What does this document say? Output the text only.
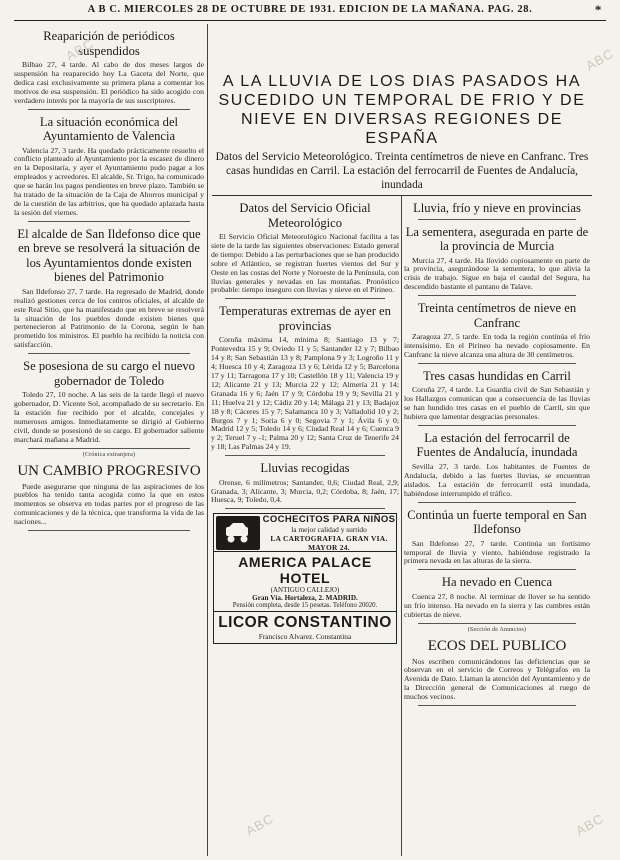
A B C. MIERCOLES 28 DE OCTUBRE DE 1931. EDICION DE LA MAÑANA. PAG. 28.	*
A LA LLUVIA DE LOS DIAS PASADOS HA SUCEDIDO UN TEMPORAL DE FRIO Y DE NIEVE EN DIVERSAS REGIONES DE ESPAÑA
Datos del Servicio Meteorológico. Treinta centímetros de nieve en Canfranc. Tres casas hundidas en Carril. La estación del ferrocarril de Fuentes de Andalucía, inundada
Reaparición de periódicos suspendidos
Bilbao 27, 4 tarde. Al cabo de dos meses largos de suspensión ha reaparecido hoy La Gaceta del Norte, que dedica casi exclusivamente su primera plana a comentar los motivos de esa suspensión. El periódico ha sido acogido con verdadero interés por la mayoría de sus suscriptores.
La situación económica del Ayuntamiento de Valencia
Valencia 27, 3 tarde. Ha quedado prácticamente resuelto el conflicto planteado al Ayuntamiento por la escasez de dinero en la Depositaría, y ayer el Ayuntamiento pudo pagar a los empleados y acreedores. El alcalde, Sr. Trigo, ha comunicado que se harán los pagos pendientes en breve plazo. También se ha tratado de la situación de la Caja de Ahorros municipal y de la cuestión de las arbitrios, que ha quedado aplazada hasta la sesión del viernes.
El alcalde de San Ildefonso dice que en breve se resolverá la situación de los Ayuntamientos donde existen bienes del Patrimonio
San Ildefonso 27, 7 tarde. Ha regresado de Madrid, donde realizó gestiones cerca de los centros oficiales, el alcalde de este Real Sitio, que ha manifestado que en breve se resolverá la situación de los pueblos donde existen bienes que pertenecieron al Patrimonio de la Corona, según le han prometido los ministros. El pueblo ha recibido la noticia con satisfacción.
Se posesiona de su cargo el nuevo gobernador de Toledo
Toledo 27, 10 noche. A las seis de la tarde llegó el nuevo gobernador, D. Vicente Sol, acompañado de su secretario. En la estación fue recibido por el alcalde, concejales y numerosos amigos. Inmediatamente se dirigió al Gobierno civil, donde se posesionó de su cargo. El gobernador saliente marchará mañana a Madrid.
(Crónica extranjera)
UN CAMBIO PROGRESIVO
Puede asegurarse que ninguna de las aspiraciones de los pueblos ha tenido tanta acogida como la que en estos momentos se observa en todas partes por el progreso de las comunicaciones y de la técnica, que transforma la vida de las naciones...
Datos del Servicio Oficial Meteorológico
El Servicio Oficial Meteorológico Nacional facilita a las siete de la tarde las siguientes observaciones: Estado general de tiempo: Debido a las perturbaciones que se han producido sobre el Atlántico, se registran fuertes vientos del Sur y Oeste en las costas del Norte y Noroeste de la Península, con lluvias generales y nevadas en las montañas. Pronóstico probable: tiempo inseguro con lluvias y nieve en el Pirineo.
Temperaturas extremas de ayer en provincias
Coruña máxima 14, mínima 8; Santiago 13 y 7; Pontevedra 15 y 9; Oviedo 11 y 5; Santander 12 y 7; Bilbao 14 y 8; San Sebastián 13 y 8; Pamplona 9 y 3; Logroño 11 y 4; Huesca 10 y 4; Zaragoza 13 y 6; Lérida 12 y 5; Barcelona 17 y 11; Tarragona 17 y 10; Castellón 18 y 11; Valencia 19 y 12; Alicante 21 y 13; Murcia 22 y 12; Almería 21 y 14; Granada 16 y 6; Jaén 17 y 9; Córdoba 19 y 9; Sevilla 21 y 11; Huelva 21 y 12; Cádiz 20 y 14; Málaga 21 y 13; Badajoz 18 y 8; Cáceres 15 y 7; Salamanca 10 y 3; Valladolid 10 y 2; Burgos 7 y 1; Soria 6 y 0; Segovia 7 y 1; Ávila 6 y 0; Madrid 12 y 5; Toledo 14 y 6; Ciudad Real 14 y 6; Cuenca 9 y 2; Teruel 7 y -1; Palma 20 y 12; Santa Cruz de Tenerife 24 y 18; Las Palmas 24 y 19.
Lluvias recogidas
Orense, 6 milímetros; Santander, 0,6; Ciudad Real, 2,9; Granada, 3; Alicante, 3; Murcia, 0,2; Córdoba, 8; Jaén, 17; Huesca, 9; Toledo, 0,4.
COCHECITOS PARA NIÑOS
la mejor calidad y surtido
LA CARTOGRAFIA. GRAN VIA. MAYOR 24.
AMERICA PALACE HOTEL
(ANTIGUO CALLEJO)
Gran Vía. Hortaleza, 2. MADRID.
Pensión completa, desde 15 pesetas. Teléfono 20020.
LICOR CONSTANTINO
Francisco Alvarez. Constantina
Lluvia, frío y nieve en provincias
La sementera, asegurada en parte de la provincia de Murcia
Murcia 27, 4 tarde. Ha llovido copiosamente en parte de la provincia, asegurándose la sementera, lo que alivia la crisis de trabajo. Sigue en baja el caudal del Segura, ha descendido bastante el pantano de Talave.
Treinta centímetros de nieve en Canfranc
Zaragoza 27, 5 tarde. En toda la región continúa el frío intensísimo. En el Pirineo ha nevado copiosamente. En Canfranc la nieve alcanza una altura de 30 centímetros.
Tres casas hundidas en Carril
Coruña 27, 4 tarde. La Guardia civil de San Sebastián y los Hallazgos comunican que a consecuencia de las lluvias se han hundido tres casas en el pueblo de Carril, sin que hubiera que lamentar desgracias personales.
La estación del ferrocarril de Fuentes de Andalucía, inundada
Sevilla 27, 3 tarde. Los habitantes de Fuentes de Andalucía, debido a las fuertes lluvias, se encuentran aislados. La estación de ferrocarril está inundada, habiéndose interrumpido el tráfico.
Continúa un fuerte temporal en San Ildefonso
San Ildefonso 27, 7 tarde. Continúa un fortísimo temporal de lluvia y viento, habiéndose registrado la primera nevada en las alturas de la sierra.
Ha nevado en Cuenca
Cuenca 27, 8 noche. Al terminar de llover se ha sentido un frío intenso. Ha nevado en la sierra y las cumbres están cubiertas de nieve.
(Sección de Anuncios)
ECOS DEL PUBLICO
Nos escriben comunicándonos las deficiencias que se observan en el servicio de Correos y Telégrafos en la Avenida de Dato. Llaman la atención del Ayuntamiento y de la Dirección general de Comunicaciones al ruego de muchos vecinos.
ABC	ABC
ABC	ABC
